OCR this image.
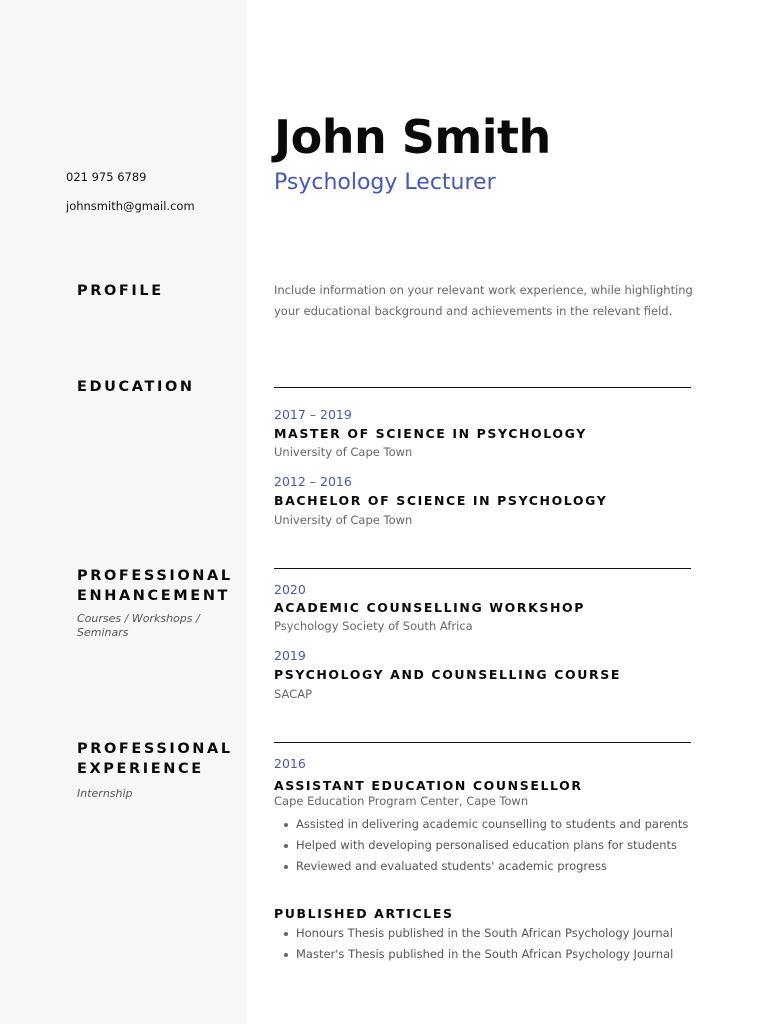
John Smith
Psychology Lecturer
021 975 6789
johnsmith@gmail.com
PROFILE	Include information on your relevant work experience, while highlighting your educational background and achievements in the relevant field.
EDUCATION
2017 – 2019
MASTER OF SCIENCE IN PSYCHOLOGY
University of Cape Town
2012 – 2016
BACHELOR OF SCIENCE IN PSYCHOLOGY
University of Cape Town
PROFESSIONAL
ENHANCEMENT
Courses / Workshops / Seminars
2020
ACADEMIC COUNSELLING WORKSHOP
Psychology Society of South Africa
2019
PSYCHOLOGY AND COUNSELLING COURSE
SACAP
PROFESSIONAL
EXPERIENCE
Internship
2016
ASSISTANT EDUCATION COUNSELLOR
Cape Education Program Center, Cape Town
Assisted in delivering academic counselling to students and parents
Helped with developing personalised education plans for students
Reviewed and evaluated students' academic progress
PUBLISHED ARTICLES
Honours Thesis published in the South African Psychology Journal
Master's Thesis published in the South African Psychology Journal
